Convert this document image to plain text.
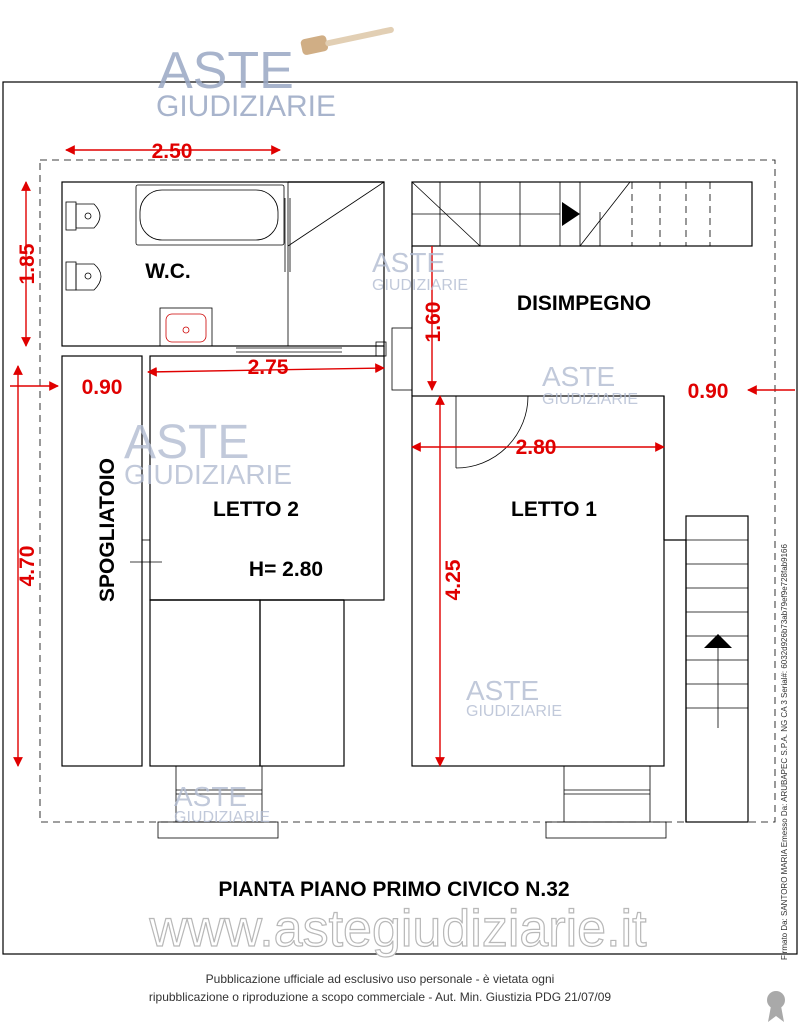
2.50
1.85
1.60
0.90
2.75
0.90
2.80
4.70	4.25
W.C.
DISIMPEGNO
LETTO 2	LETTO 1
SPOGLIATOIO	H= 2.80
ASTE
GIUDIZIARIE
ASTE
GIUDIZIARIE
ASTE
GIUDIZIARIE
ASTE
GIUDIZIARIE
ASTE
GIUDIZIARIE
ASTE
GIUDIZIARIE
PIANTA PIANO PRIMO CIVICO N.32
www.astegiudiziarie.it	Firmato Da: SANTORO MARIA Emesso Da: ARUBAPEC S.P.A. NG CA 3 Serial#: 6032d926b73ab79ef9e728fab9166
Pubblicazione ufficiale ad esclusivo uso personale - è vietata ogni
ripubblicazione o riproduzione a scopo commerciale - Aut. Min. Giustizia PDG 21/07/09
